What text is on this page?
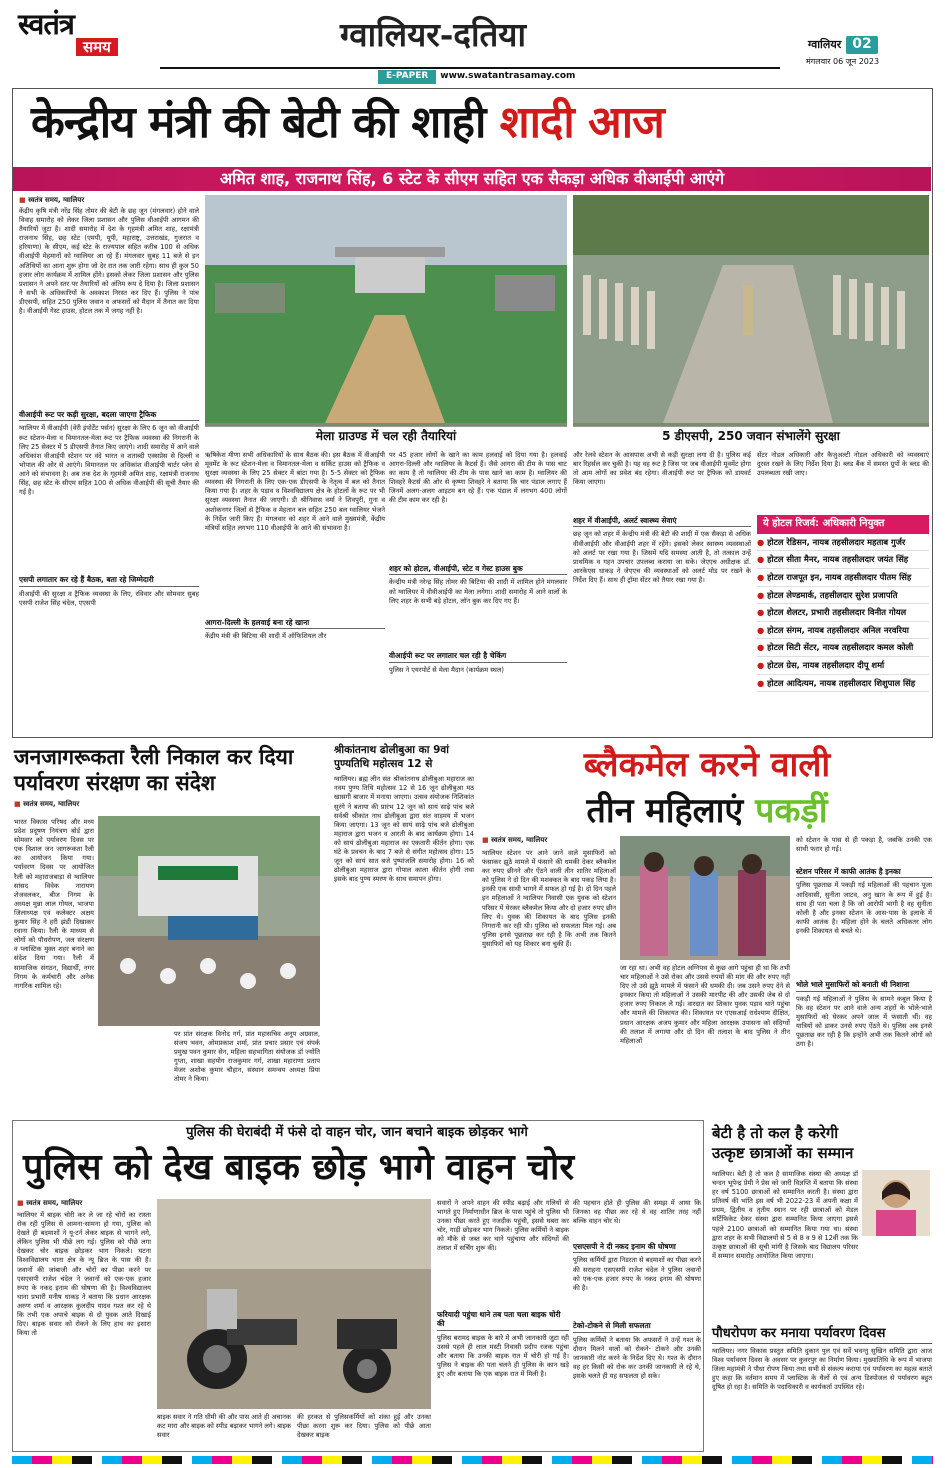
स्वतंत्र
समय	ग्वालियर-दतिया
E-PAPER	www.swatantrasamay.com
ग्वालियर 02
मंगलवार 06 जून 2023
केन्द्रीय मंत्री की बेटी की शाही शादी आज
अमित शाह, राजनाथ सिंह, 6 स्टेट के सीएम सहित एक सैकड़ा अधिक वीआईपी आएंगे
■ स्वतंत्र समय, ग्वालियर
केंद्रीय कृषि मंत्री नरेंद्र सिंह तोमर की बेटी के छह जून (मंगलवार) होने वाले विवाह समारोह को लेकर जिला प्रशासन और पुलिस वीआईपी आगमन की तैयारियों जुटा है। शादी समारोह में देश के गृहमंत्री अमित शाह, रक्षामंत्री राजनाथ सिंह, छह स्टेट (एमपी, यूपी, महाराष्ट्र, उत्तराखंड, गुजरात व हरियाणा) के सीएम, कई स्टेट के राज्यपाल सहित करीब 100 से अधिक वीआईपी मेहमानों को ग्वालियर आ रहे हैं। मंगलवार सुबह 11 बजे से इन अतिथियों का आना शुरू होगा जो देर रात तक जारी रहेगा। साथ ही कुल 50 हजार लोग कार्यक्रम में शामिल होंगे। इसको लेकर जिला प्रशासन और पुलिस प्रशासन ने अपने स्तर पर तैयारियों को अंतिम रूप दे दिया है। जिला प्रशासन ने सभी के अधिकारियों के अवकाश निरस्त कर दिए हैं। पुलिस ने पांच डीएसपी, सहित 250 पुलिस जवान व अफसरों को मैदान में तैनात कर दिया है। वीआईपी गेस्ट हाउस, होटल तक में जगह नहीं है।
वीआईपी रूट पर कड़ी सुरक्षा, बदला जाएगा ट्रैफिक
ग्वालियर में वीआईपी (वेरी इंपोर्टेंट पर्सन) सुरक्षा के लिए 6 जून को वीआईपी रूट स्टेशन-मेला व विमानतल-मेला रूट पर ट्रैफिक व्यवस्था की निगरानी के लिए 25 सेक्टर में 5 डीएसपी तैनात किए जाएंगे। शादी समारोह में आने वाले अधिकांश वीआईपी स्टेशन पर वंदे भारत व शताब्दी एक्सप्रेस से दिल्ली व भोपाल की ओर से आएंगे। विमानतल पर अधिकांश वीआईपी चार्टर प्लेन से आने को संभावना है। अब तक देश के गृहमंत्री अमित शाह, रक्षामंत्री राजनाथ सिंह, छह स्टेट के सीएम सहित 100 से अधिक वीआईपी की सूची तैयार की गई है।
एसपी लगातार कर रहे हैं बैठक, बता रहे जिम्मेदारी
वीआईपी की सुरक्षा व ट्रैफिक व्यवस्था के लिए, रविवार और सोमवार सुबह एसपी राजेश सिंह चंदेल, एएसपी
मेला ग्राउण्ड में चल रही तैयारियां	5 डीएसपी, 250 जवान संभालेंगे सुरक्षा
ऋषिकेश मीणा सभी अधिकारियों के साथ बैठक की। इस बैठक में वीआईपी मूवमेंट के रूट स्टेशन-मेला व विमानतल-मेला व सर्किट हाउस को ट्रैफिक व सुरक्षा व्यवस्था के लिए 25 सेक्टर में बांटा गया है। 5-5 सेक्टर को ट्रैफिक व्यवस्था की निगरानी के लिए एक-एक डीएसपी के नेतृत्व में बल को तैनात किया गया है। शहर के पड़ाव व विश्वविद्यालय क्षेत्र के होटलों के रूट पर भी सुरक्षा व्यवस्था तैनात की जाएगी। डी श्रीनिवास वर्मा ने शिवपुरी, गुना व अशोकनगर जिलों से ट्रैफिक व मेहतान बल सहित 250 बल ग्वालियर भेजने के निर्देश जारी किए हैं। मंगलवार को शहर में आने वाले मुख्यमंत्री, केंद्रीय मंत्रियों सहित लगभग 110 वीआईपी के आने की संभावना है।
आगरा-दिल्ली के हलवाई बना रहे खाना
केंद्रीय मंत्री की बिटिया की शादी में ऑफिशियल तौर
पर 45 हजार लोगों के खाने का काम हलवाई को दिया गया है। हलवाई आगरा-दिल्ली और ग्वालियर के कैटर्स हैं। जैसे आगरा की टीम के पास चाट का काम है तो ग्वालियर की टीम के पास खाने का काम है। ग्वालियर की शिवहरे कैटर्स की ओर से कृष्णा शिवहरे ने बताया कि चार पंडाल लगाए हैं जिनमें अलग-अलग आइटम बन रहे हैं। एक पंडाल में लगभग 400 लोगों की टीम काम कर रही है।
शहर को होटल, वीआईपी, स्टेट व गेस्ट हाउस बुक
केन्द्रीय मंत्री नरेन्द्र सिंह तोमर की बिटिया की शादी में शामिल होने मंगलवार को ग्वालियर में वीवीआईपी का मेला लगेगा। शादी समारोह में आने वालों के लिए शहर के सभी बड़े होटल, लॉन बुक कर दिए गए हैं।
वीआईपी रूट पर लगातार चल रही है चेकिंग
पुलिस ने एयरपोर्ट से मेला मैदान (कार्यक्रम स्थल)
और रेलवे स्टेशन के आसपास अभी से कड़ी सुरक्षा लगा दी है। पुलिस कई बार रिहर्सल कर चुकी है। यह वह रूट है जिस पर जब वीआईपी मूवमेंट होगा तो आम लोगों का प्रवेश बंद रहेगा। वीआईपी रूट पर ट्रैफिक को डायवर्ट किया जाएगा।
शहर में वीआईपी, अलर्ट स्वास्थ्य सेवाएं
छह जून को शहर में केन्द्रीय मंत्री की बेटी की शादी में एक सैकड़ा से अधिक वीवीआईपी और वीआईपी शहर में रहेंगे। इसको लेकर स्वास्थ्य व्यवस्थाओं को अलर्ट पर रखा गया है। जिसमें यदि समस्या आती है, तो तत्काल उन्हें प्राथमिक व गहन उपचार उपलब्ध कराया जा सके। जेएएच अधीक्षक डॉ. आरकेएस धाकड़ ने जेएएच की व्यवस्थाओं को अलर्ट मोड पर रखने के निर्देश दिए हैं। साथ ही ट्रॉमा सेंटर को तैयार रखा गया है।
सेंटर नोडल अधिकारी और कैजुअल्टी नोडल अधिकारी को व्यवस्थाएं दुरस्त रखने के लिए निर्देश दिया है। ब्लड बैंक में समस्त ग्रुपों के ब्लड की उपलब्धता रखी जाए।
ये होटल रिजर्व: अधिकारी नियुक्त
● होटल रेडिसन, नायब तहसीलदार महताब गुर्जर
● होटल सीता मैनर, नायब तहसीलदार जयंत सिंह
● होटल राजपूत इन, नायब तहसीलदार पीतम सिंह
● होटल लेण्डमार्क, तहसीलदार सुरेश प्रजापति
● होटल शेलटर, प्रभारी तहसीलदार विनीत गोयल
● होटल संगम, नायब तहसीलदार अनिल नरवरिया
● होटल सिटी सेंटर, नायब तहसीलदार कमल कोली
● होटल ग्रेस, नायब तहसीलदार दीपू शर्मा
● होटल आदित्यम, नायब तहसीलदार शिशुपाल सिंह
जनजागरूकता रैली निकाल कर दिया पर्यावरण संरक्षण का संदेश
■ स्वतंत्र समय, ग्वालियर
भारत विकास परिषद और मध्य प्रदेश प्रदूषण नियंत्रण बोर्ड द्वारा सोमवार को पर्यावरण दिवस पर एक विशाल जन जागरूकता रैली का आयोजन किया गया। पर्यावरण दिवस पर आयोजित रैली को महाराजबाड़ा से ग्वालियर सांसद विवेक नारायण शेजवलकर, बीज निगम के अध्यक्ष मुन्ना लाल गोयल, भाजपा जिलाध्यक्ष एवं कलेक्टर अक्षय कुमार सिंह ने हरी झंडी दिखाकर रवाना किया। रैली के माध्यम से लोगों को पौधरोपण, जल संरक्षण व प्लास्टिक मुक्त शहर बनाने का संदेश दिया गया। रैली में सामाजिक संगठन, विद्यार्थी, नगर निगम के कर्मचारी और अनेक नागरिक शामिल रहे।
पर प्रांत संरक्षक विनोद गर्ग, प्रांत महासचिव अनूप अग्रवाल, संजय भवन, ओमप्रकाश शर्मा, प्रांत प्रचार प्रसार एवं संपर्क प्रमुख पवन कुमार सेन, महिला सहभागिता संयोजक डॉ ज्योति गुप्ता, शाखा सहयोग राजकुमार गर्ग, शाखा महाराणा प्रताप मेजर अशोक कुमार चौहान, संस्थान समन्वय अध्यक्ष प्रिया तोमर ने किया।
श्रीकांतनाथ ढोलीबुआ का 9वां पुण्यतिथि महोत्सव 12 से
ग्वालियर। ब्रह्म लीन संत श्रीकांतनाथ ढोलीबुआ महाराज का नवम पुण्य तिथि महोत्सव 12 से 16 जून ढोलीबुआ मठ खासगी बाजार में मनाया जाएगा। उत्सव संयोजक निशिकांत सुरंगे ने बताया की प्रारंभ 12 जून को सायं साढ़े पांच बजे सर्वश्री श्रीकांत नाथ ढोलीबुआ द्वारा संत वाड़मय में भजन किया जाएगा। 13 जून को सायं साढ़े पांच बजे ढोलीबुआ महाराज द्वारा भजन व आरती के बाद कार्यक्रम होगा। 14 को सायं ढोलीबुआ महाराज का एकतारी कीर्तन होगा। एक घंटे के प्रवचन के बाद 7 बजे से संगीत महोत्सव होगा। 15 जून को सायं सात बजे पुष्पांजलि समारोह होगा। 16 को ढोलीबुआ महाराज द्वारा गोपाल काला कीर्तन होगी तथा इसके बाद पुण्य स्मरण के साथ समापन होगा।
ब्लैकमेल करने वाली
तीन महिलाएं पकड़ीं
■ स्वतंत्र समय, ग्वालियर
ग्वालियर स्टेशन पर आने जाने वाले मुसाफिरों को फंसाकर झूठे मामले में फंसाने की धमकी देकर ब्लैकमेल कर रुपए छीनने और ऐंठने वाली तीन शातिर महिलाओं को पुलिस ने दो दिन की मशक्कत के बाद पकड़ लिया है। इनकी एक साथी भागने में सफल हो गई है। दो दिन पहले इन महिलाओं ने ग्वालियर निवासी एक युवक को स्टेशन परिसर में घेरकर ब्लैकमेल किया और दो हजार रुपए छीन लिए थे। युवक की शिकायत के बाद पुलिस इनकी निगरानी कर रही थी। पुलिस को सफलता मिल गई। अब पुलिस इनसे पूछताछ कर रही है कि अभी तक कितने मुसाफिरों को यह शिकार बना चुकी हैं।
जा रहा था। अभी वह होटल अग्निपथ से कुछ आगे पहुंचा ही था कि तभी चार महिलाओं ने उसे रोका और उससे रुपयों की मांग की और रुपए नहीं दिए तो उसे झूठे मामले में फंसाने की धमकी दी। जब उसने रुपए देने से इनकार किया तो महिलाओं ने उसकी मारपीट की और उसकी जेब से दो हजार रुपए निकाल ले गईं। वारदात का शिकार युवक पड़ाव थाने पहुंचा और मामले की शिकायत की। शिकायत पर एएसआई राधेश्याम दीक्षित, प्रधान आरक्षक अजय कुमार और महिला आरक्षक उपासना को संदिग्धों की तलाश में लगाया और दो दिन की तलाश के बाद पुलिस ने तीन महिलाओं
को स्टेशन के पास से ही पकड़ा है, जबकि उनकी एक साथी फरार हो गई।
स्टेशन परिसर में काफी आतंक है इनका
पुलिस पूछताछ में पकड़ी गई महिलाओं की पहचान पूजा आदिवासी, सुनीता जाटव, अनु खान के रूप में हुई है। साथ ही पता चला है कि जो आरोपी भागी है वह सुनीता कोली है और इनका स्टेशन के आस-पास के इलाके में काफी आतंक है। महिला होने के चलते अधिकतर लोग इनकी शिकायत से बचते थे।
भोले भाले मुसाफिरों को बनाती थी निशाना
पकड़ी गई महिलाओं ने पुलिस के सामने कबूल किया है कि वह स्टेशन पर आने वाले अन्य शहरों के भोले-भाले मुसाफिरों को घेरकर अपने जाल में फंसाती थीं। वह यात्रियों को डाकर उनसे रुपए ऐंठते थे। पुलिस अब इनसे पूछताछ कर रही है कि इन्होंने अभी तक कितने लोगों को ठगा है।
पुलिस की घेराबंदी में फंसे दो वाहन चोर, जान बचाने बाइक छोड़कर भागे
पुलिस को देख बाइक छोड़ भागे वाहन चोर
■ स्वतंत्र समय, ग्वालियर
ग्वालियर में बाइक चोरी कर ले जा रहे चोरों का रास्ता रोक रही पुलिस से आमना-सामना हो गया, पुलिस को देखते ही बदमाशों ने यू-टर्न लेकर बाइक से भागने लगे, लेकिन पुलिस भी पीछे लग गई। पुलिस को पीछे लगा देखकर चोर बाइक छोड़कर भाग निकले। घटना विश्वविद्यालय थाना क्षेत्र के न्यू ब्रिज के पास की है। जवानों की जांबाजी और चोरों का पीछा करने पर एसएसपी राजेश चंदेल ने जवानों को एक-एक हजार रुपए के नकद इनाम की घोषणा की है। विश्वविद्यालय थाना प्रभारी मनीष धाकड़ ने बताया कि प्रधान आरक्षक अरुण शर्मा व आरक्षक कुलदीप यादव गश्त कर रहे थे कि तभी एक अपाचे बाइक से दो युवक आते दिखाई दिए। बाइक सवार को रोकने के लिए हाथ का इशारा किया तो
बाइक सवार ने गति धीमी की और पास आते ही अचानक कट मारा और बाइक को स्पीड बढ़ाकर भागने लगे। बाइक सवार
की हरकत से पुलिसकर्मियों को शंका हुई और उनका पीछा करना शुरू कर दिया। पुलिस को पीछे आता देखकर बाइक
सवारों ने अपने वाहन की स्पीड बढ़ाई और गलियों से भागते हुए निर्माणाधीन ब्रिज के पास पहुंचे तो पुलिस भी उनका पीछा करते हुए नजदीक पहुंची, इससे घबरा कर चोर, गाड़ी छोड़कर भाग निकले। पुलिस कर्मियों ने बाइक को मौके से जब्त कर थाने पहुंचाया और संदिग्धों की तलाश में सर्चिंग शुरू की।
फरियादी पहुंचा थाने तब पता चला बाइक चोरी की
पुलिस बरामद बाइक के बारे में अभी जानकारी जुटा रही उससे पहले ही लाल मस्टी निवासी प्रदीप रजक पहुंचा और बताया कि उनकी बाइक रात में चोरी हो गई है। पुलिस ने बाइक की पता चलने ही पुलिस के कान खड़े हुए और बताया कि एक बाइक रात में मिली है।
की पहचान होते ही पुलिस की समझ में आया कि जिनका वह पीछा कर रहे थे वह शातिर तरह नहीं बल्कि वाहन चोर थे।
एसएसपी ने दी नकद इनाम की घोषणा
पुलिस कर्मियों द्वारा निडरता से बदमाशों का पीछा करने की सराहना एसएसपी राजेश चंदेल ने पुलिस जवानों को एक-एक हजार रुपए के नकद इनाम की घोषणा की है।
टेको-टोकने से मिली सफलता
पुलिस कर्मियों ने बताया कि अफसरों ने उन्हें गश्त के दौरान मिलने वालों को रोकने- टोकने और उनकी जानकारी नोट करने के निर्देश दिए थे। गश्त के दौरान वह हर किसी को रोक कर उनकी जानकारी ले रहे थे, इसके चलते ही यह सफलता हो सके।
बेटी है तो कल है करेगी
उत्कृष्ट छात्राओं का सम्मान
ग्वालियर। बेटी है तो कल है सामाजिक संस्था की अध्यक्ष डॉ चन्दन भूपेन्द्र प्रेमी ने प्रेस को जारी विज्ञप्ति में बताया कि संस्था हर वर्ष 5100 छात्राओं को सम्मानित करती है। संस्था द्वारा प्रतिवर्ष की भांति इस वर्ष भी 2022-23 में अपनी कक्षा में प्रथम, द्वितीय व तृतीय स्थान पर रही छात्राओं को मेडल सर्टिफिकेट देकर संस्था द्वारा सम्मानित किया जाएगा इससे पहले 2100 छात्राओं को सम्मानित किया गया था। संस्था द्वारा शहर के सभी विद्यालयों से 5 से 8 व 9 से 12वीं तक कि उत्कृष्ट छात्राओं की सूची मांगी है जिसके बाद विद्यालय परिसर में सम्मान समारोह आयोजित किया जाएगा।
पौधरोपण कर मनाया पर्यावरण दिवस
ग्वालियर। नगर विकास प्रस्तुत समिति दुकान पुल एवं सर्वे भवन्तु सुखिन समिति द्वारा आज विश्व पर्यावरण दिवस के अवसर पर कुवरपुर का निर्माण किया। मुख्यातिथि के रूप में भाजपा जिला महामंत्री ने पौधा रोपण किया तथा सभी से संकल्प कराया एवं पर्यावरण का महत्व बताते हुए कहा कि वर्तमान समय में प्लास्टिक के थैलों से एवं अन्य डिस्पोजल से पर्यावरण बहुत दूषित हो रहा है। समिति के पदाधिकारी व कार्यकर्ता उपस्थित रहे।
